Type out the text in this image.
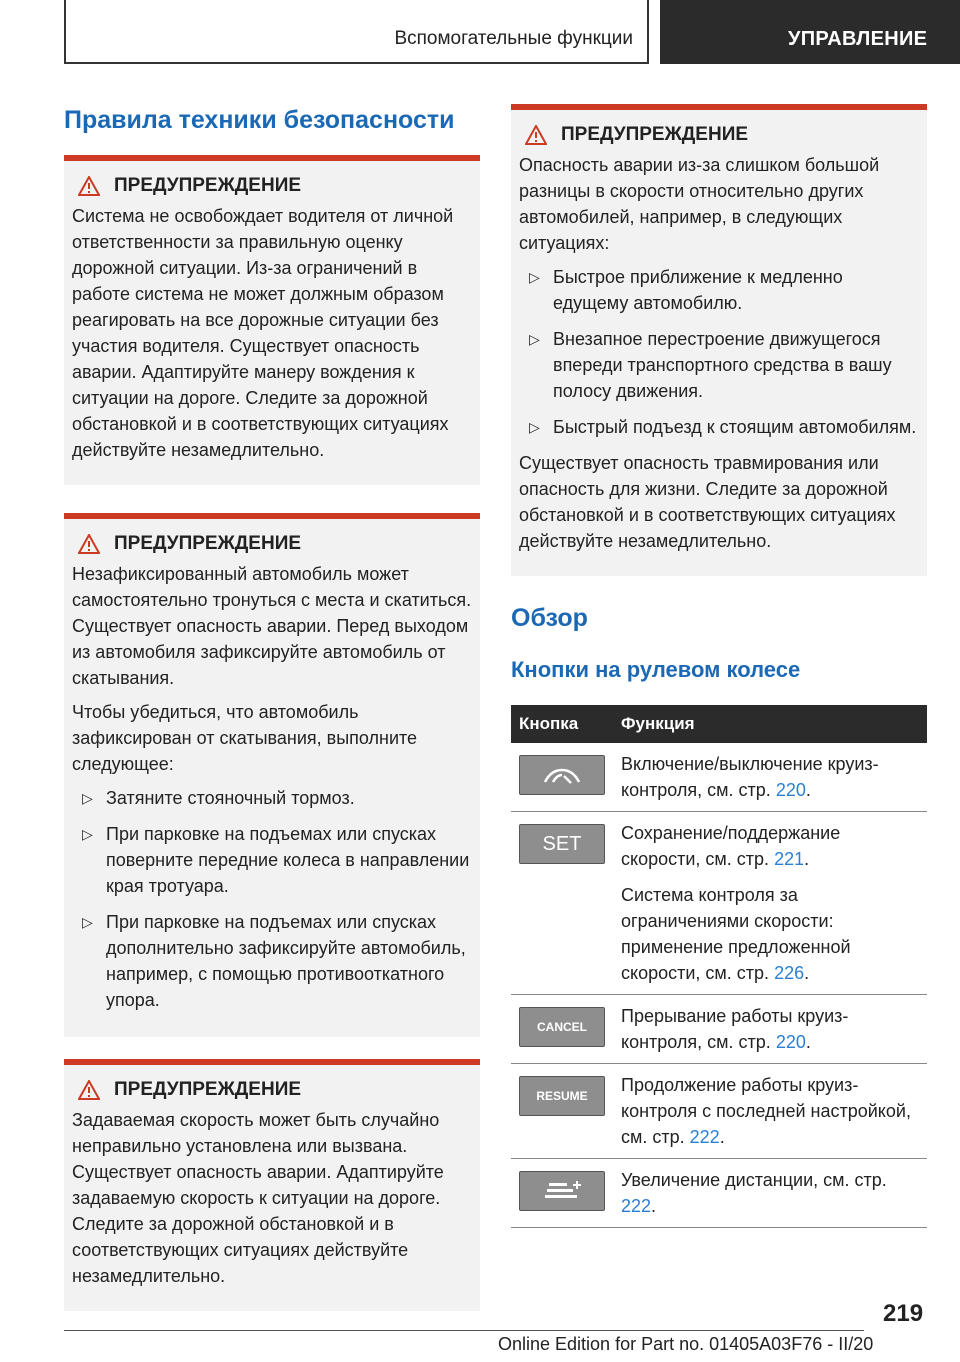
Вспомогательные функции	УПРАВЛЕНИЕ
Правила техники безопасности
ПРЕДУПРЕЖДЕНИЕ

Система не освобождает водителя от личной ответственности за правильную оценку дорожной ситуации. Из-за ограничений в работе система не может должным образом реагировать на все дорожные ситуации без участия водителя. Существует опасность аварии. Адаптируйте манеру вождения к ситуации на дороге. Следите за дорожной обстановкой и в соответствующих ситуациях действуйте незамедлительно.

ПРЕДУПРЕЖДЕНИЕ

Незафиксированный автомобиль может самостоятельно тронуться с места и скатиться. Существует опасность аварии. Перед выходом из автомобиля зафиксируйте автомобиль от скатывания.

Чтобы убедиться, что автомобиль зафиксирован от скатывания, выполните следующее:

▷ Затяните стояночный тормоз.
▷ При парковке на подъемах или спусках поверните передние колеса в направлении края тротуара.
▷ При парковке на подъемах или спусках дополнительно зафиксируйте автомобиль, например, с помощью противооткатного упора.
ПРЕДУПРЕЖДЕНИЕ

Задаваемая скорость может быть случайно неправильно установлена или вызвана. Существует опасность аварии. Адаптируйте задаваемую скорость к ситуации на дороге. Следите за дорожной обстановкой и в соответствующих ситуациях действуйте незамедлительно.

ПРЕДУПРЕЖДЕНИЕ

Опасность аварии из-за слишком большой разницы в скорости относительно других автомобилей, например, в следующих ситуациях:

▷ Быстрое приближение к медленно едущему автомобилю.
▷ Внезапное перестроение движущегося впереди транспортного средства в вашу полосу движения.
▷ Быстрый подъезд к стоящим автомобилям.

Существует опасность травмирования или опасность для жизни. Следите за дорожной обстановкой и в соответствующих ситуациях действуйте незамедлительно.

Обзор
Кнопки на рулевом колесе
Кнопка	Функция

Включение/выключение круиз-контроля, см. стр. 220.

SET	Сохранение/поддержание скорости, см. стр. 221.

Система контроля за ограничениями скорости: применение предложенной скорости, см. стр. 226.

CANCEL	Прерывание работы круиз-контроля, см. стр. 220.

RESUME	Продолжение работы круиз-контроля с последней настройкой, см. стр. 222.

Увеличение дистанции, см. стр. 222.

219
Online Edition for Part no. 01405A03F76 - II/20
